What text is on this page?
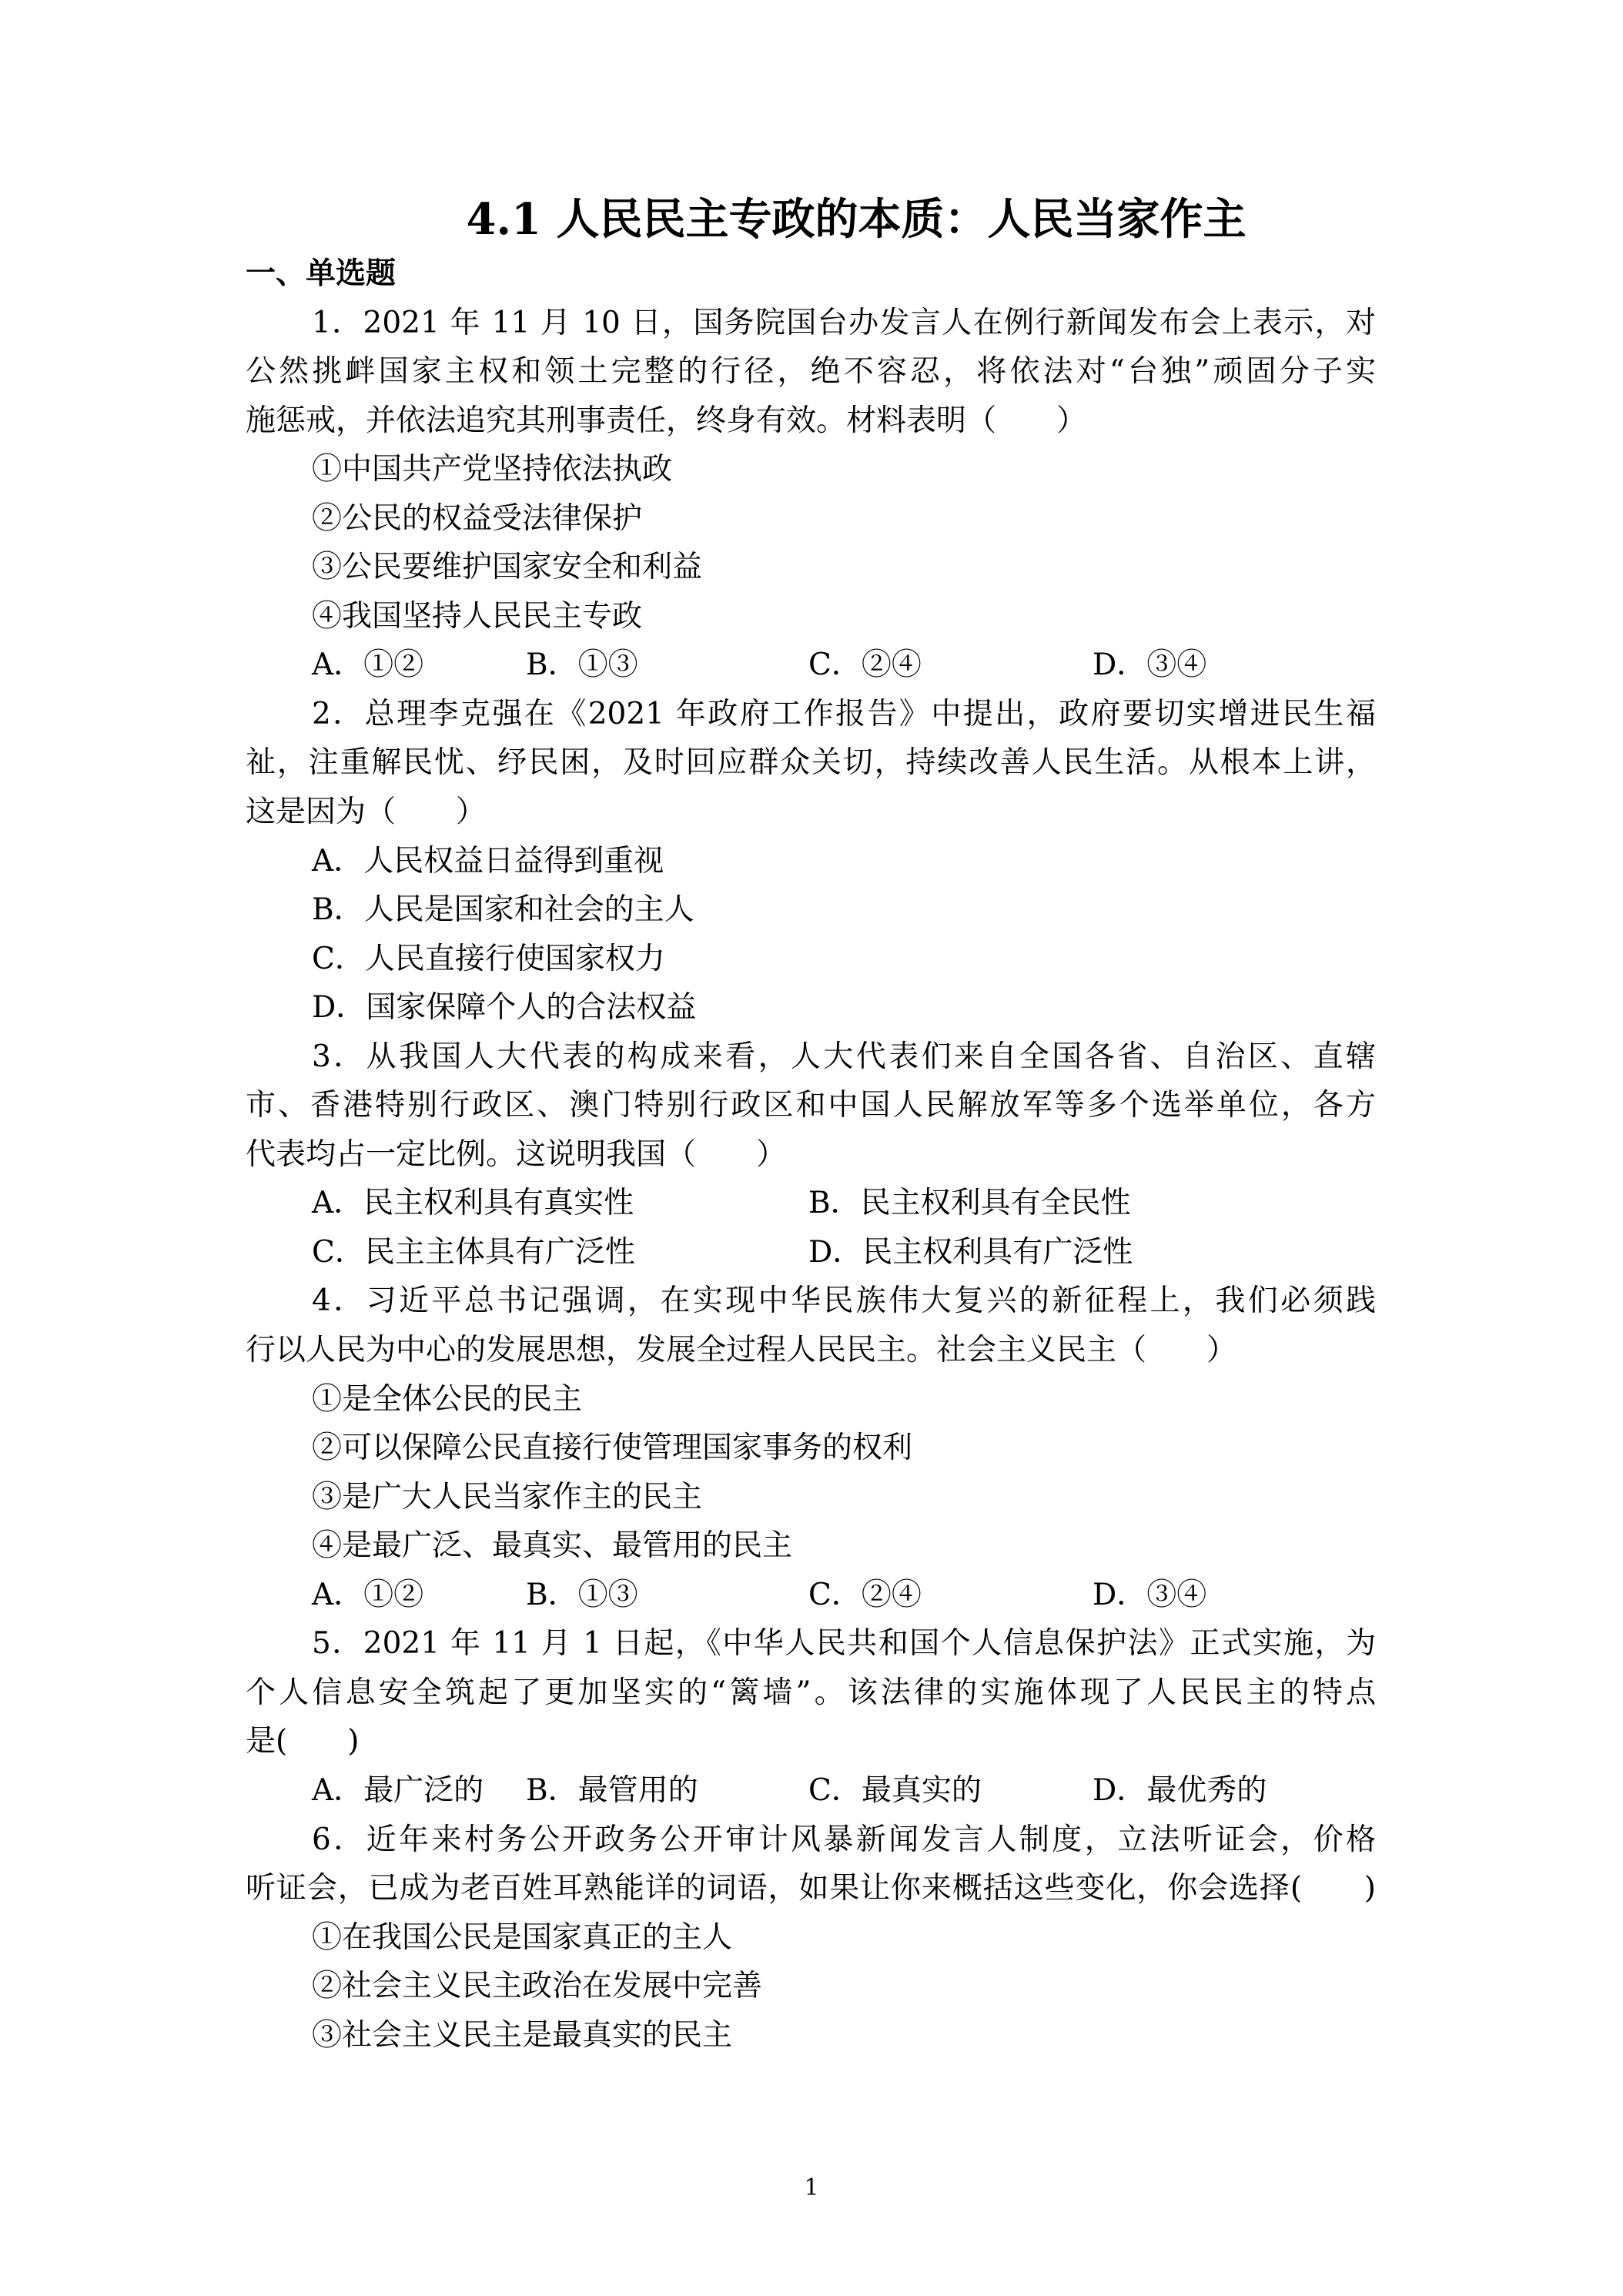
4.1 人民民主专政的本质：人民当家作主
一、单选题
1．2021 年 11 月 10 日，国务院国台办发言人在例行新闻发布会上表示，对
公然挑衅国家主权和领土完整的行径，绝不容忍，将依法对“台独”顽固分子实
施惩戒，并依法追究其刑事责任，终身有效。材料表明（　　）
①中国共产党坚持依法执政
②公民的权益受法律保护
③公民要维护国家安全和利益
④我国坚持人民民主专政
A．①②	B．①③	C．②④	D．③④
2．总理李克强在《2021 年政府工作报告》中提出，政府要切实增进民生福
祉，注重解民忧、纾民困，及时回应群众关切，持续改善人民生活。从根本上讲，
这是因为（　　）
A．人民权益日益得到重视
B．人民是国家和社会的主人
C．人民直接行使国家权力
D．国家保障个人的合法权益
3．从我国人大代表的构成来看，人大代表们来自全国各省、自治区、直辖
市、香港特别行政区、澳门特别行政区和中国人民解放军等多个选举单位，各方
代表均占一定比例。这说明我国（　　）
A．民主权利具有真实性	B．民主权利具有全民性
C．民主主体具有广泛性	D．民主权利具有广泛性
4．习近平总书记强调，在实现中华民族伟大复兴的新征程上，我们必须践
行以人民为中心的发展思想，发展全过程人民民主。社会主义民主（　　）
①是全体公民的民主
②可以保障公民直接行使管理国家事务的权利
③是广大人民当家作主的民主
④是最广泛、最真实、最管用的民主
A．①②	B．①③	C．②④	D．③④
5．2021 年 11 月 1 日起，《中华人民共和国个人信息保护法》正式实施，为
个人信息安全筑起了更加坚实的“篱墙”。该法律的实施体现了人民民主的特点
是(　　)
A．最广泛的 B．最管用的	C．最真实的	D．最优秀的
6．近年来村务公开政务公开审计风暴新闻发言人制度，立法听证会，价格
听证会，已成为老百姓耳熟能详的词语，如果让你来概括这些变化，你会选择(　　)
①在我国公民是国家真正的主人
②社会主义民主政治在发展中完善
③社会主义民主是最真实的民主
1
